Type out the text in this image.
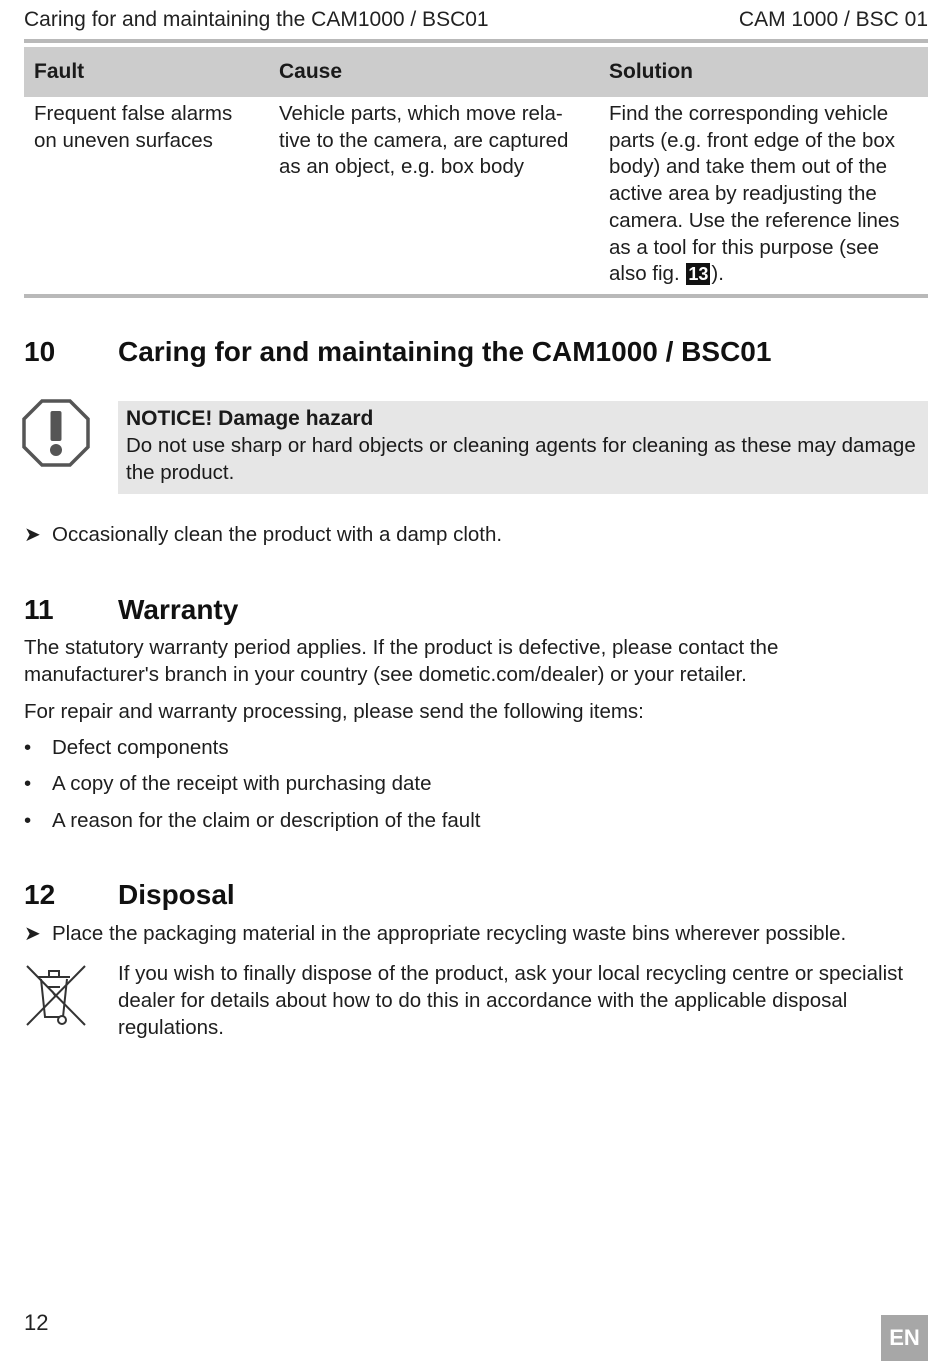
Caring for and maintaining the CAM1000 / BSC01	CAM 1000 / BSC 01
Fault	Cause	Solution
Frequent false alarms on uneven surfaces	Vehicle parts, which move rela-tive to the camera, are captured as an object, e.g. box body	Find the corresponding vehicle parts (e.g. front edge of the box body) and take them out of the active area by readjusting the camera. Use the reference lines as a tool for this purpose (see also fig. 13 ).
10 Caring for and maintaining the CAM1000 / BSC01
NOTICE! Damage hazard
Do not use sharp or hard objects or cleaning agents for cleaning as these may damage the product.
➤ Occasionally clean the product with a damp cloth.
11 Warranty
The statutory warranty period applies. If the product is defective, please contact the manufacturer's branch in your country (see dometic.com/dealer) or your retailer.
For repair and warranty processing, please send the following items:
• Defect components
• A copy of the receipt with purchasing date
• A reason for the claim or description of the fault
12 Disposal
➤ Place the packaging material in the appropriate recycling waste bins wherever possible.
If you wish to finally dispose of the product, ask your local recycling centre or specialist dealer for details about how to do this in accordance with the applicable disposal regulations.
12
EN
